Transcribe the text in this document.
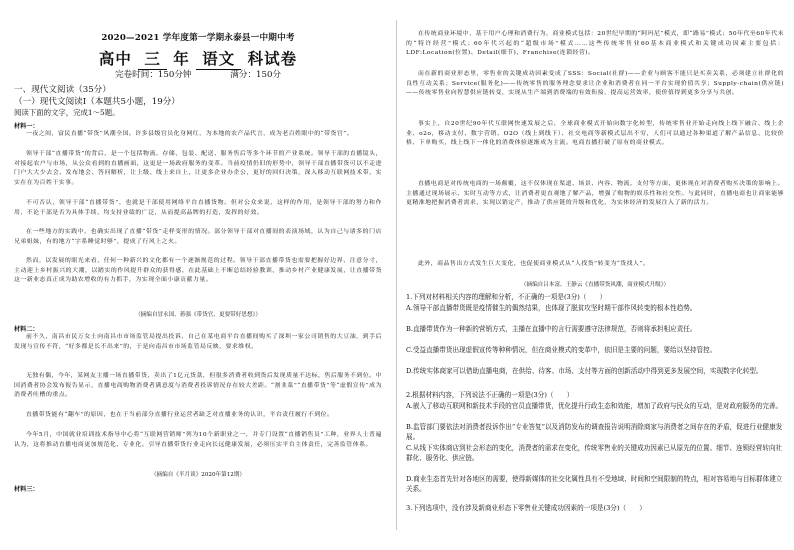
2020—2021 学年度第一学期永泰县一中期中考
高中 三 年 语文 科试卷
完卷时间：150分钟	满分：150分
一、现代文阅读（35分）
（一）现代文阅读Ⅰ（本题共5小题，19分）
阅读下面的文字，完成1～5题。
材料一：
一夜之间，富民直播“带货”风潮全国。许多县级官员化身网红，为本地的农产品代言，成为老百姓眼中的“带货官”。
领导干部“直播带货”的背后，是一个包括物流、存储、包装、配送、服务售后等多个环节的产业系统。领导干部的直播镜头，对接起农户与市场，从公众看到的直播画面，这更是一场政府服务的变革。当前疫情仍旧的形势中，领导干部直播带货可以不走进门户大大少去会、发布地会、答问解析，让上级、线上来自上，让更多企业办企公，更好的回归决策，深入移动互联网技术带，实实在在为百姓干实事。
不可否认，领导干部“直播带货”，也就是干部使用网络平台直播货物。但对公众来说，这样的作用，是领导干部的努力和作用，不论干部是否为具体手续，均支持业绩的广泛，从而提高品牌的打造，发挥的好效。
在一些地方的实践中，也确实出现了直播“带货”走样变形的情况。部分领导干部对直播间的表演场域，认为自己与诸多的门店兄弟姐妹，有的地方“字系睡觉时够”，提成了行风上之火。
然而，以发展的眼光来看，任何一种新兴的文化都有一个逐渐规范的过程。领导干部直播带货也需要把握好边界、注意分寸，主动迎上乡村振兴的大潮，以踏实的作风提升群众的获得感，在此基础上不断总结经验教训，推动乡村产业健康发展，让直播带货这一新业态真正成为助农增收的有力抓手，为实现全面小康贡献力量。
（摘编自冒永国、蒋强《带货官，更要带好思想》）
材料二：
前不久，南昌市民万女士向南昌市市场监管局提出投诉，自己在某电商平台直播间购买了深圳一家公司销售的大豆油，到手后发现与宣传不符，“好多都是长不出来”的，于是向南昌市市场监管局反映，要求维权。
无独有偶，今年，某网友主播一场直播带货，卖出了1亿元货款，但很多消费者收到货后发现质量不达标，售后服务不到位。中国消费者协会发布报告显示，直播电商购物消费者满意度与消费者投诉情况存在较大差距。“割韭菜”“直播带货”等“虚假宣传”成为消费者吐槽的重点。
直播带货能有“翻车”的原因，也在于当前部分直播行业运营者缺乏对直播业务的认识，平台责任履行不到位。
今年5月，中国就业培训技术指导中心将“互联网营销师”列为10个新职业之一，并专门设置“直播销售员”工种，业界人士普遍认为，这将推动直播电商更加规范化、专业化。引导直播带货行业走向长远健康发展，必须压实平台主体责任，完善监管体系。
（摘编自《半月谈》2020年第12期）
材料三：
在传统商业环境中，基于用户心理和消费行为，商业模式包括：20世纪早期的“阿玛尼”模式，即“路易”模式；50年代至60年代末的“特许经营”模式；60年代兴起的“超级市场”模式……这些传统零售业60基本商业模式和关键成功因素主要包括：LDF:Location(位置)、Detail(细节)、Franchise(连锁经营)。
而在新的商业形态里，零售业的关键成功因素变成了SSS：Social(社群)——企业与顾客不能只是买卖关系，必须建立社群化的良性互动关系；Service(服务化)——传统零售的服务理念要求让企业和消费者在同一平台实现价值共享；Supply-chain(供应链)——传统零售业向智慧供应链转变，实现从生产端到消费端的有效衔接，提高运营效率，使价值得到更多分享与共创。
事实上，自20世纪90年代互联网快速发展之后，全球商业模式开始向数字化转型，传统零售业开始走向线上线下融合、线上企业、o2o，移动支付、数字营销、O2O（线上到线下）、社交电商等新模式层出不穷，人们可以通过各种渠道了解产品信息、比较价格、下单购买，线上线下一体化的消费体验逐渐成为主流。电商直播打破了原有的商业模式。
直播电商是对传统电商的一场颠覆，这不仅体现在渠道、场景、内容、物流、支付等方面，更体现在对消费者购买决策的影响上。主播通过现场展示、实时互动等方式，让消费者更直观地了解产品，增强了购物的娱乐性和社交性。与此同时，直播电商也让商家能够更精准地把握消费者需求，实现以销定产，推动了供应链的升级和优化，为实体经济的发展注入了新的活力。
此外，商品售出方式发生巨大变化，也促使商业模式从“人找货”转变为“货找人”。
（摘编自吕本富、王静云《直播带货风潮，商业模式升级》）
1.下列对材料相关内容的理解和分析，不正确的一项是(3分)（　　）
A.领导干部直播带货既是疫情催生的偶然结果，也体现了脱贫攻坚时期干部作风转变的根本性趋势。
B.直播带货作为一种新的营销方式，主播在直播中的言行需要遵守法律规范，否则将承担相应责任。
C.受益直播带货出现虚假宣传等种种情况，但在商业模式的变革中，依旧是主要的问题，要给以坚持管控。
D.传统实体商家可以借助直播电商，在供给、待客、市场、支付等方面的创新活动中得到更多发展空间，实现数字化转型。
2.根据材料内容，下列说法不正确的一项是(3分)（　　）
A.嵌入了移动互联网和新技术手段的官员直播带货，优化提升行政生态和效能，增加了政府与民众的互动，是对政府服务的完善。
B.监管部门要依法对消费者投诉作出“专业答复”以及消防发布的调查报告说明消除商家与消费者之间存在的矛盾，促进行业健康发展。
C.从线下实体商店到社会形态的变化，消费者的需求在变化，传统零售业的关键成功因素已从原先的位置、细节、连锁经营转向社群化、服务化、供应链。
D.商业生态首先针对各地区的需要，使得新媒体的社交化属性具有不受地域、时间和空间限制的特点，相对容易地与目标群体建立关系。
3.下列选项中，没有涉及新商业形态下零售业关键成功因素的一项是(3分)（　　）
